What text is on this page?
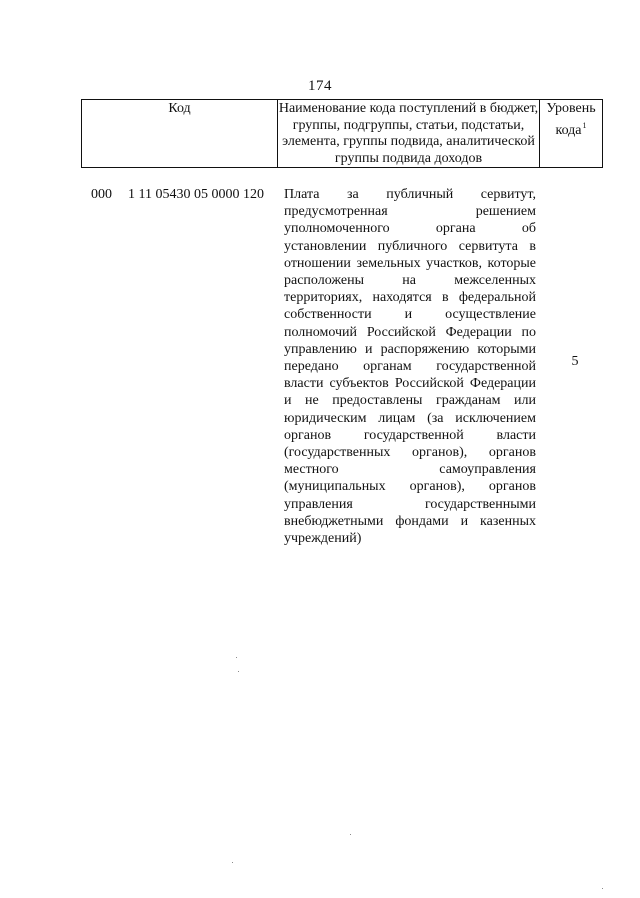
174
Код	Наименование кода поступлений в бюджет, группы, подгруппы, статьи, подстатьи, элемента, группы подвида, аналитической группы подвида доходов
Уровень кода$^1$
000 1 11 05430 05 0000 120 Плата за публичный сервитут, предусмотренная решением уполномоченного органа об установлении публичного сервитута в отношении земельных участков, которые расположены на межселенных территориях, находятся в федеральной собственности и осуществление полномочий Российской Федерации по управлению и распоряжению которыми передано органам государственной власти субъектов Российской Федерации и не предоставлены гражданам или юридическим лицам (за исключением органов государственной власти (государственных органов), органов местного самоуправления (муниципальных органов), органов управления государственными внебюджетными фондами и казенных учреждений)
5
